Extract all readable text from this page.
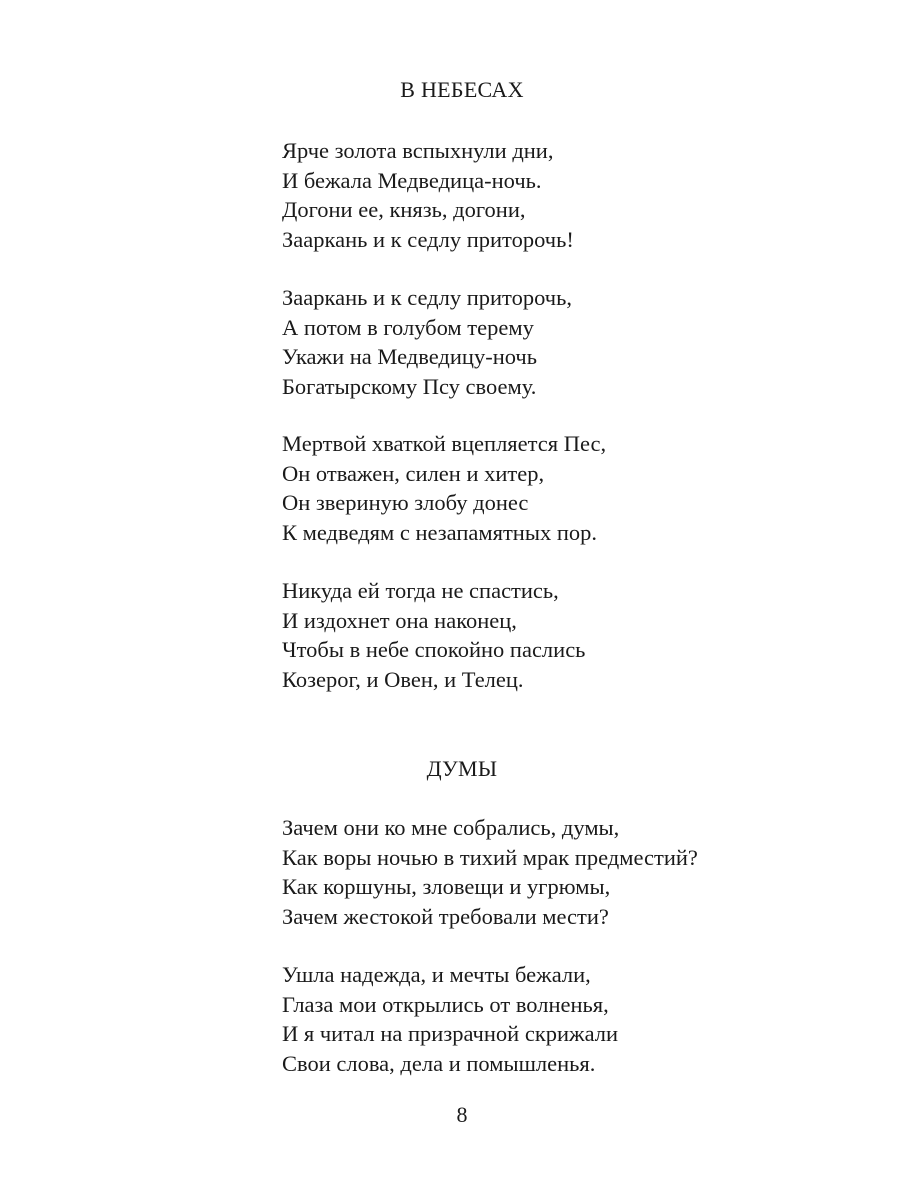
В НЕБЕСАХ
Ярче золота вспыхнули дни,
И бежала Медведица-ночь.
Догони ее, князь, догони,
Зааркань и к седлу приторочь!
Зааркань и к седлу приторочь,
А потом в голубом терему
Укажи на Медведицу-ночь
Богатырскому Псу своему.
Мертвой хваткой вцепляется Пес,
Он отважен, силен и хитер,
Он звериную злобу донес
К медведям с незапамятных пор.
Никуда ей тогда не спастись,
И издохнет она наконец,
Чтобы в небе спокойно паслись
Козерог, и Овен, и Телец.
ДУМЫ
Зачем они ко мне собрались, думы,
Как воры ночью в тихий мрак предместий?
Как коршуны, зловещи и угрюмы,
Зачем жестокой требовали мести?
Ушла надежда, и мечты бежали,
Глаза мои открылись от волненья,
И я читал на призрачной скрижали
Свои слова, дела и помышленья.
8
